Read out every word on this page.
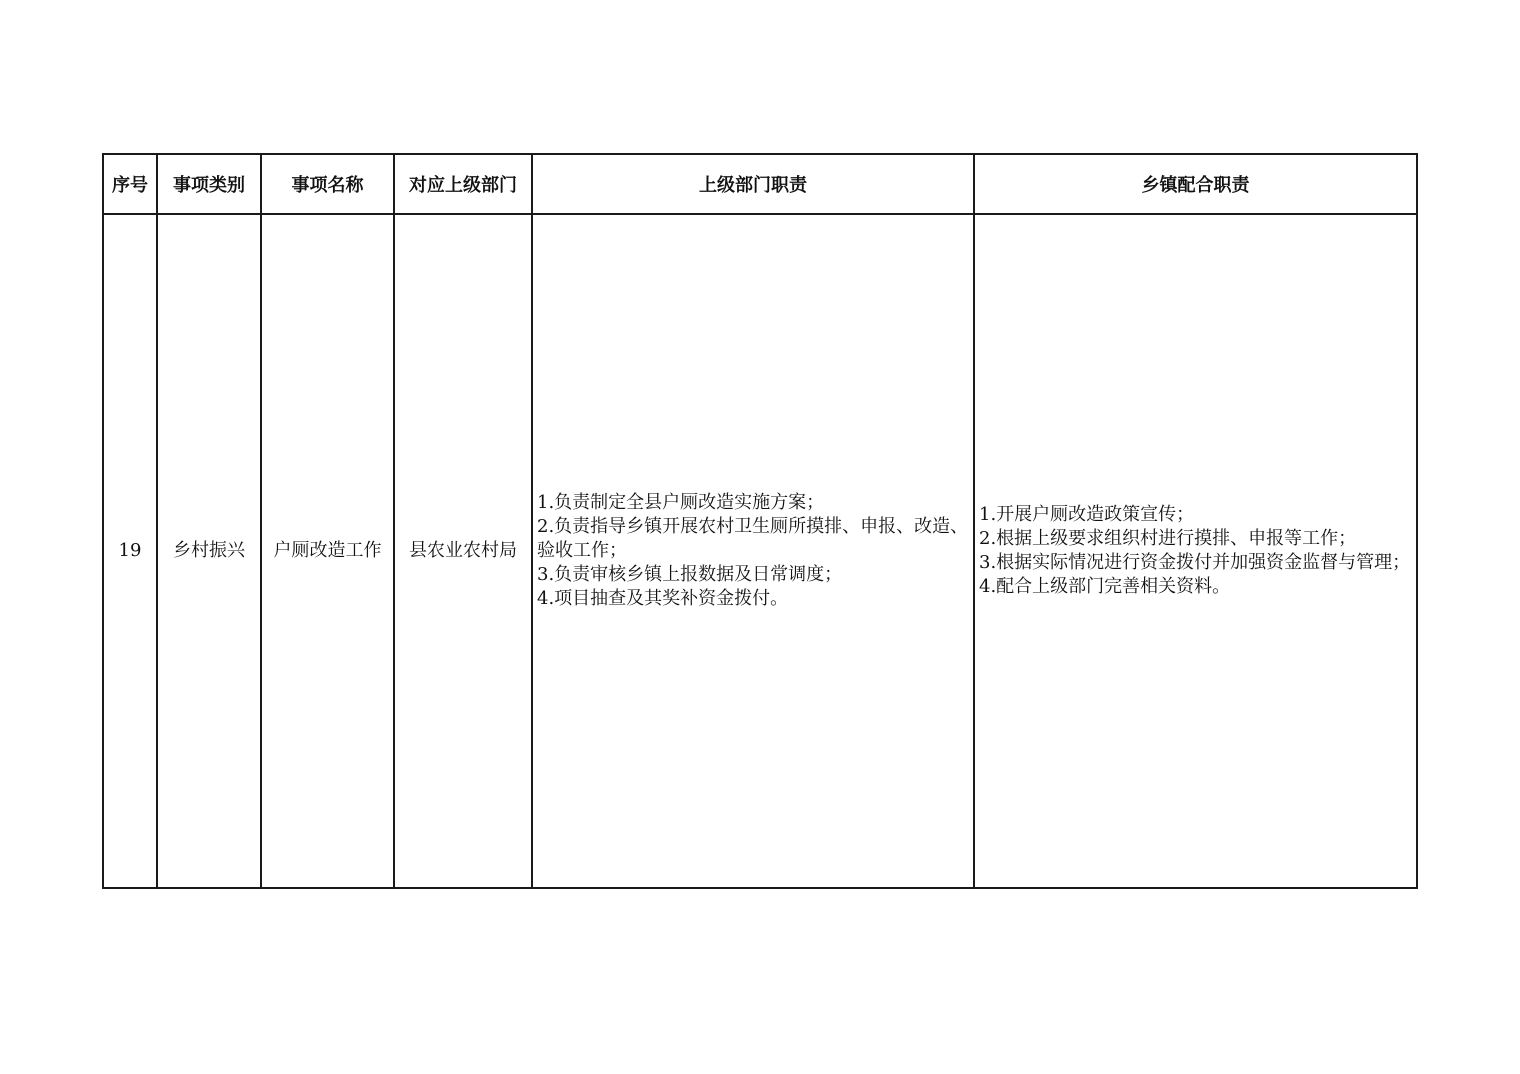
序号	事项类别	事项名称	对应上级部门	上级部门职责	乡镇配合职责
19	乡村振兴	户厕改造工作	县农业农村局	1.负责制定全县户厕改造实施方案；
2.负责指导乡镇开展农村卫生厕所摸排、申报、改造、验收工作；
3.负责审核乡镇上报数据及日常调度；
4.项目抽查及其奖补资金拨付。	1.开展户厕改造政策宣传；
2.根据上级要求组织村进行摸排、申报等工作；
3.根据实际情况进行资金拨付并加强资金监督与管理；
4.配合上级部门完善相关资料。
